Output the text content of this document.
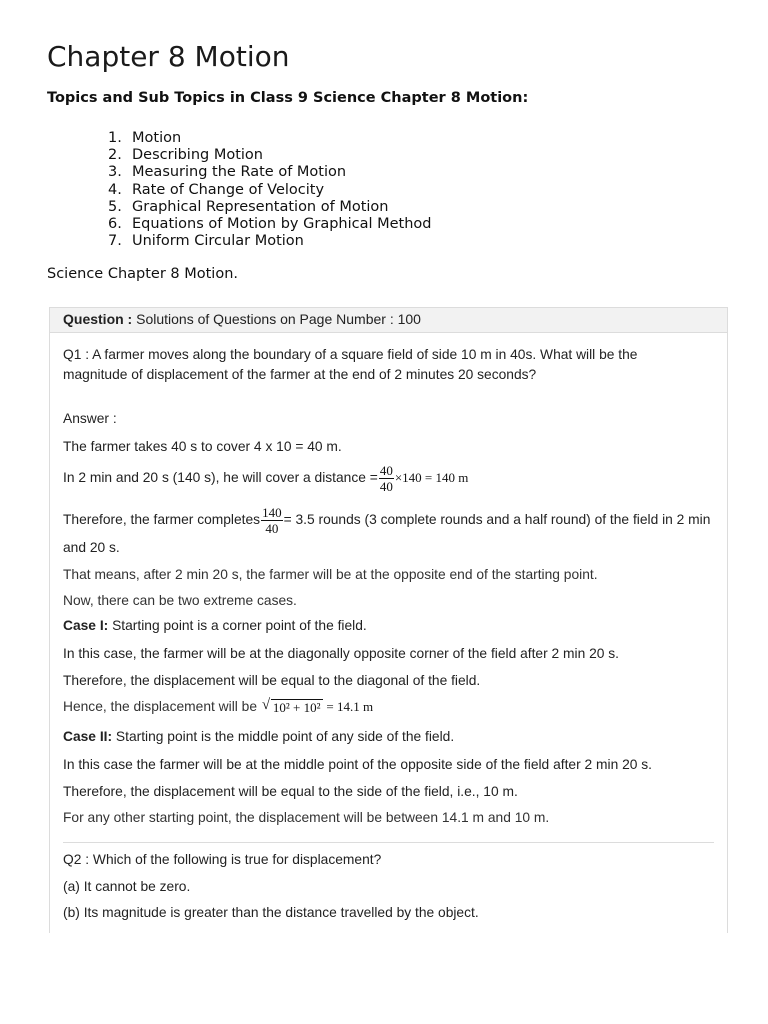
Chapter 8 Motion
Topics and Sub Topics in Class 9 Science Chapter 8 Motion:
1. Motion
2. Describing Motion
3. Measuring the Rate of Motion
4. Rate of Change of Velocity
5. Graphical Representation of Motion
6. Equations of Motion by Graphical Method
7. Uniform Circular Motion

Science Chapter 8 Motion.

Question : Solutions of Questions on Page Number : 100
Q1 : A farmer moves along the boundary of a square field of side 10 m in 40s. What will be the
magnitude of displacement of the farmer at the end of 2 minutes 20 seconds?
Answer :
The farmer takes 40 s to cover 4 x 10 = 40 m.
In 2 min and 20 s (140 s), he will cover a distance = $\frac{40}{40} \times 140 = 140$ m
Therefore, the farmer completes $\frac{140}{40} = 3.5$ rounds (3 complete rounds and a half round) of the field in 2 min
and 20 s.
That means, after 2 min 20 s, the farmer will be at the opposite end of the starting point.
Now, there can be two extreme cases.
Case I: Starting point is a corner point of the field.
In this case, the farmer will be at the diagonally opposite corner of the field after 2 min 20 s.
Therefore, the displacement will be equal to the diagonal of the field.
Hence, the displacement will be √ 10² + 10² = 14.1 m
Case II: Starting point is the middle point of any side of the field.
In this case the farmer will be at the middle point of the opposite side of the field after 2 min 20 s.
Therefore, the displacement will be equal to the side of the field, i.e., 10 m.
For any other starting point, the displacement will be between 14.1 m and 10 m.
Q2 : Which of the following is true for displacement?
(a) It cannot be zero.
(b) Its magnitude is greater than the distance travelled by the object.
